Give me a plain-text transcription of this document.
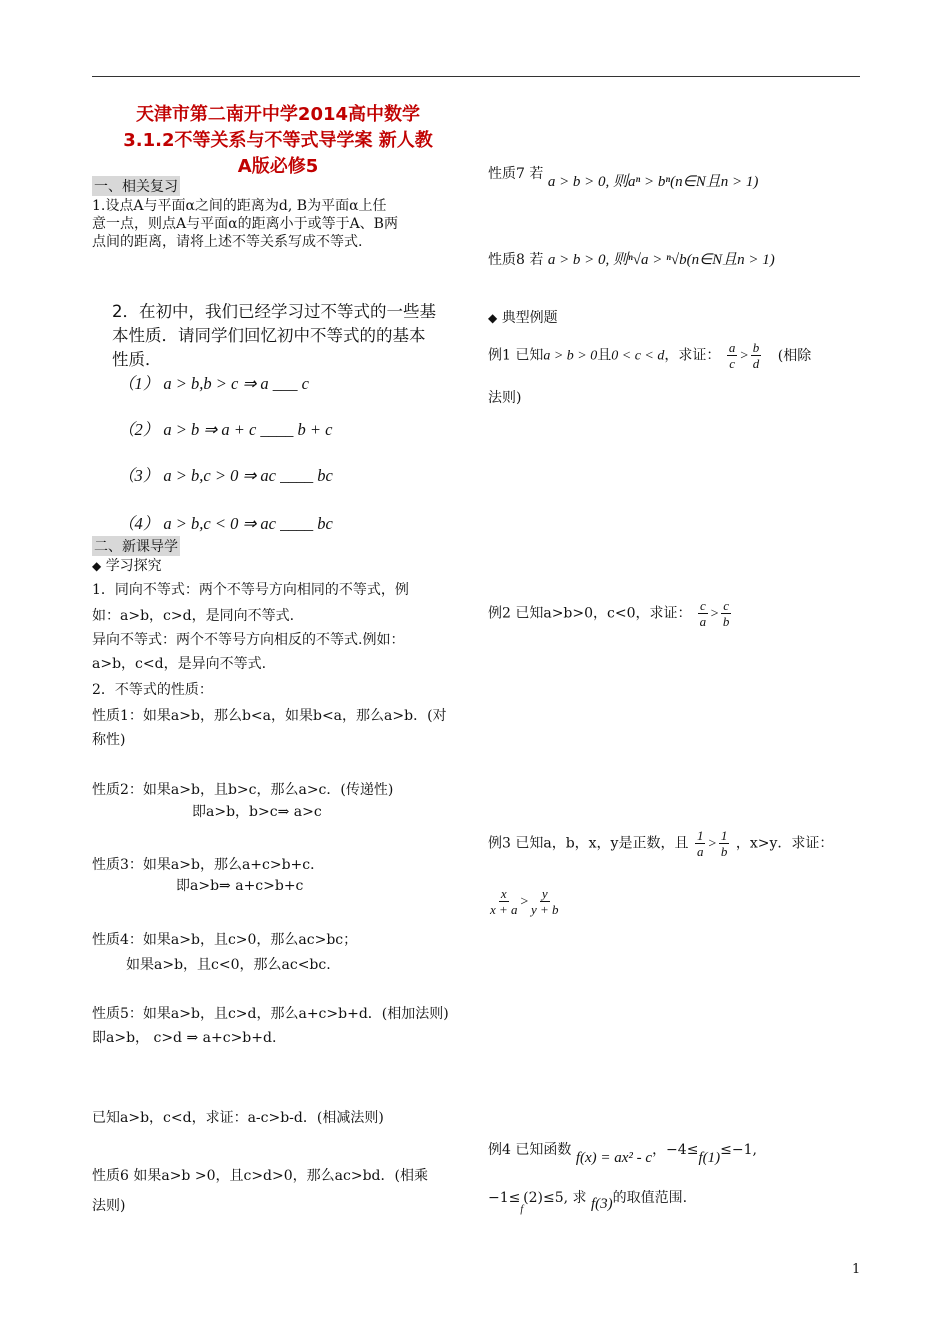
天津市第二南开中学2014高中数学
3.1.2不等关系与不等式导学案 新人教
A版必修5
一、相关复习
1.设点A与平面α之间的距离为d, B为平面α上任
意一点，则点A与平面α的距离小于或等于A、B两
点间的距离，请将上述不等关系写成不等式.
2．在初中，我们已经学习过不等式的一些基
本性质．请同学们回忆初中不等式的的基本
性质．
（1） a > b,b > c ⇒ a ___ c
（2） a > b ⇒ a + c ____ b + c
（3） a > b,c > 0 ⇒ ac ____ bc
（4） a > b,c < 0 ⇒ ac ____ bc
二、新课导学
◆ 学习探究
1．同向不等式：两个不等号方向相同的不等式，例
如：a>b，c>d，是同向不等式.
异向不等式：两个不等号方向相反的不等式.例如：
a>b，c<d，是异向不等式.
2．不等式的性质：
性质1：如果a>b，那么b<a，如果b<a，那么a>b．(对
称性)
性质2：如果a>b，且b>c，那么a>c．(传递性)
即a>b，b>c⇒ a>c
性质3：如果a>b，那么a+c>b+c．
即a>b⇒ a+c>b+c
性质4：如果a>b，且c>0，那么ac>bc；
如果a>b，且c<0，那么ac<bc.
性质5：如果a>b，且c>d，那么a+c>b+d．(相加法则)
即a>b， c>d ⇒ a+c>b+d.
已知a>b，c<d，求证：a-c>b-d．(相减法则)
性质6 如果a>b >0，且c>d>0，那么ac>bd．(相乘
法则)
性质7 若 a > b > 0, 则aⁿ > bⁿ(n∈N且n > 1)
性质8 若 a > b > 0, 则ⁿ√a > ⁿ√b(n∈N且n > 1)
◆ 典型例题
例1 已知a > b > 0且0 < c < d，求证： $\frac{a}{c} > \frac{b}{d}$ (相除
法则)
例2 已知a>b>0，c<0，求证： $\frac{c}{a} > \frac{c}{b}$
例3 已知a，b，x，y是正数，且 $\frac{1}{a} > \frac{1}{b}$ ，x>y．求证：
$\frac{x}{x + a} > \frac{y}{y + b}$
例4 已知函数 f(x) = ax² - c，−4≤f(1)≤−1,
$-1\le_f(2)\le 5$, 求 f(3)的取值范围.
1
